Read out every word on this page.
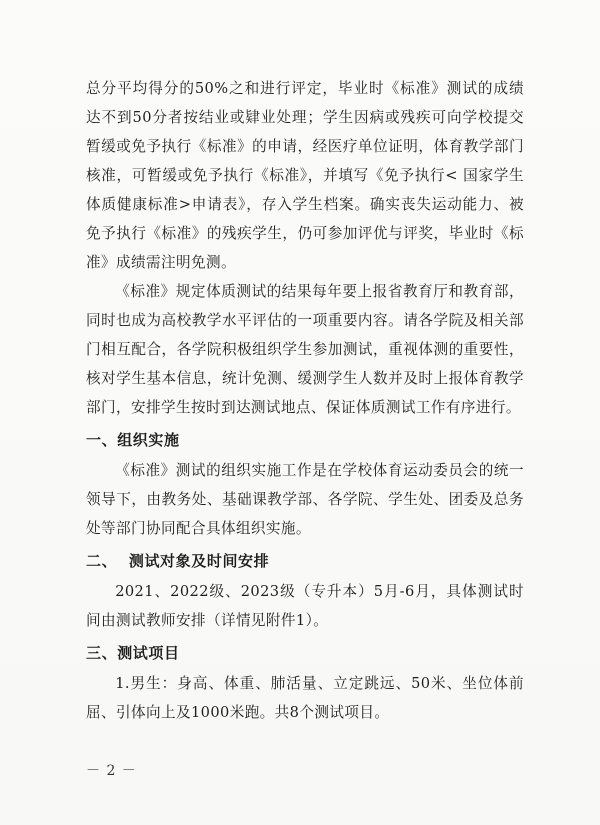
总分平均得分的50%之和进行评定，毕业时《标准》测试的成绩达不到50分者按结业或肄业处理；学生因病或残疾可向学校提交暂缓或免予执行《标准》的申请，经医疗单位证明，体育教学部门核准，可暂缓或免予执行《标准》，并填写《免予执行< 国家学生体质健康标准>申请表》，存入学生档案。确实丧失运动能力、被免予执行《标准》的残疾学生，仍可参加评优与评奖，毕业时《标准》成绩需注明免测。

《标准》规定体质测试的结果每年要上报省教育厅和教育部，同时也成为高校教学水平评估的一项重要内容。请各学院及相关部门相互配合，各学院积极组织学生参加测试，重视体测的重要性，核对学生基本信息，统计免测、缓测学生人数并及时上报体育教学部门，安排学生按时到达测试地点、保证体质测试工作有序进行。

一、组织实施

《标准》测试的组织实施工作是在学校体育运动委员会的统一领导下，由教务处、基础课教学部、各学院、学生处、团委及总务处等部门协同配合具体组织实施。

二、  测试对象及时间安排

2021、2022级、2023级（专升本）5月-6月，具体测试时间由测试教师安排（详情见附件1）。

三、测试项目

1.男生：身高、体重、肺活量、立定跳远、50米、坐位体前屈、引体向上及1000米跑。共8个测试项目。

－ 2 －
